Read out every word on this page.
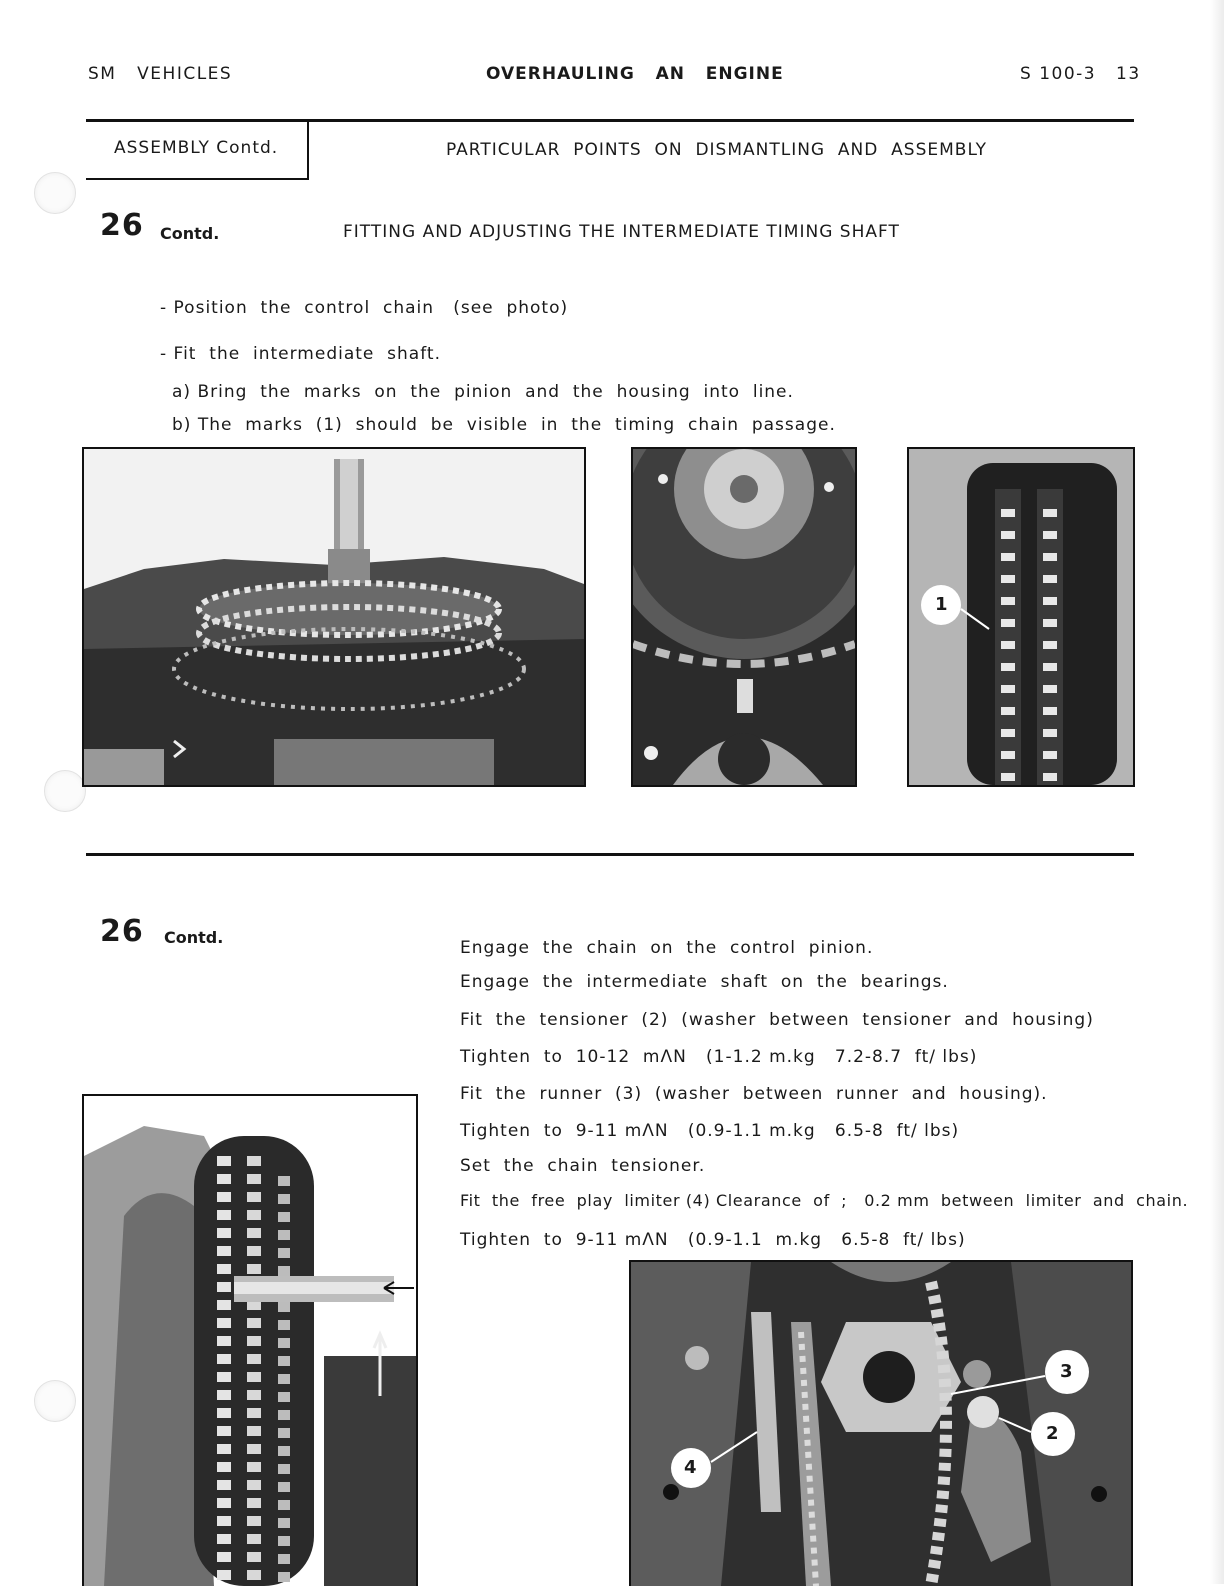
SM   VEHICLES	OVERHAULING   AN   ENGINE	S 100-3 13
ASSEMBLY Contd.	PARTICULAR  POINTS  ON  DISMANTLING  AND  ASSEMBLY
26 Contd.	FITTING AND ADJUSTING THE INTERMEDIATE TIMING SHAFT
- Position  the  control  chain   (see  photo)
- Fit  the  intermediate  shaft.
a) Bring  the  marks  on  the  pinion  and  the  housing  into  line.
b) The  marks  (1)  should  be  visible  in  the  timing  chain  passage.
1
26 Contd.
Engage  the  chain  on  the  control  pinion.
Engage  the  intermediate  shaft  on  the  bearings.
Fit  the  tensioner  (2)  (washer  between  tensioner  and  housing)
Tighten  to  10-12  mΛN   (1-1.2 m.kg   7.2-8.7  ft/ lbs)
Fit  the  runner  (3)  (washer  between  runner  and  housing).
Tighten  to  9-11 mΛN   (0.9-1.1 m.kg   6.5-8  ft/ lbs)
Set  the  chain  tensioner.
Fit  the  free  play  limiter (4) Clearance  of  ;   0.2 mm  between  limiter  and  chain.
Tighten  to  9-11 mΛN   (0.9-1.1  m.kg   6.5-8  ft/ lbs)
3
2
4
